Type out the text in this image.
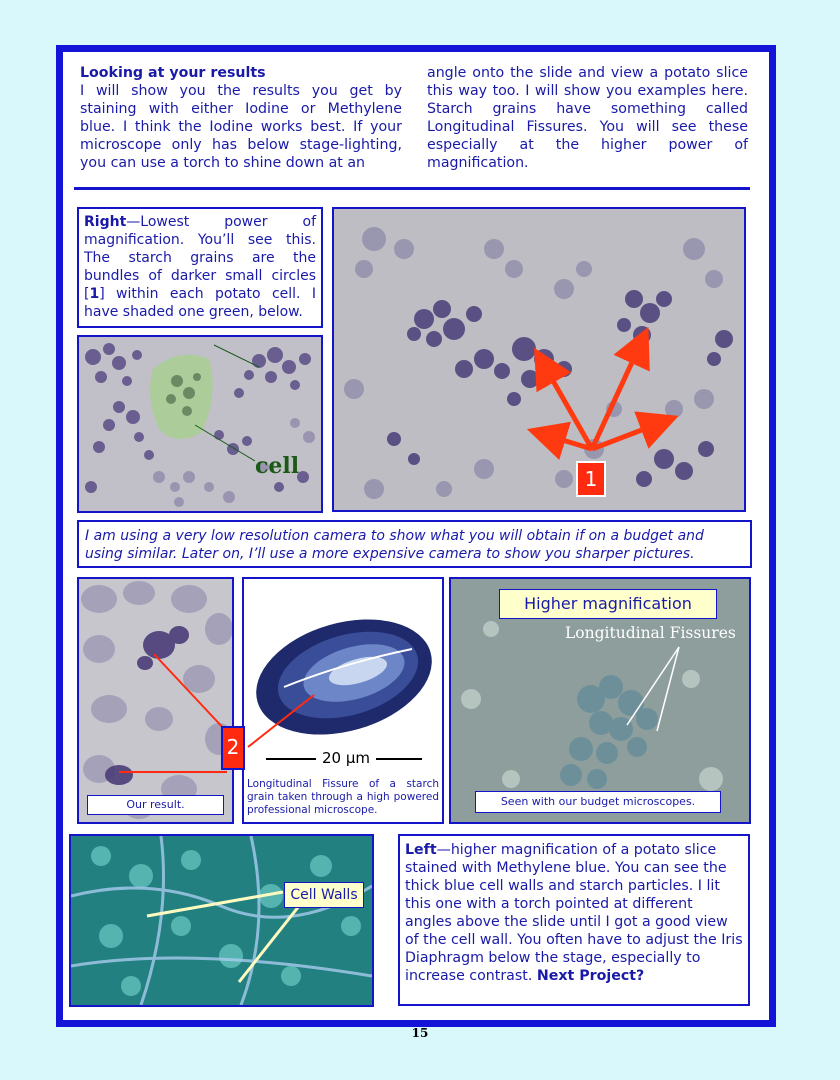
Looking at your results
I will show you the results you get by staining with either Iodine or Methylene blue. I think the Iodine works best. If your microscope only has below stage-lighting, you can use a torch to shine down at an
angle onto the slide and view a potato slice this way too. I will show you examples here. Starch grains have something called Longitudinal Fissures. You will see these especially at the higher power of magnification.
Right—Lowest power of magnification. You’ll see this. The starch grains are the bundles of darker small circles [1] within each potato cell. I have shaded one green, below.
cell	1
I am using a very low resolution camera to show what you will obtain if on a budget and using similar. Later on, I’ll use a more expensive camera to show you sharper pictures.
Our result.
20 µm
Longitudinal Fissure of a starch grain taken through a high powered professional microscope.
2
Higher magnification
Longitudinal Fissures
Seen with our budget microscopes.
Cell Walls
Left—higher magnification of a potato slice stained with Methylene blue. You can see the thick blue cell walls and starch particles. I lit this one with a torch pointed at different angles above the slide until I got a good view of the cell wall. You often have to adjust the Iris Diaphragm below the stage, especially to increase contrast. Next Project?
15
